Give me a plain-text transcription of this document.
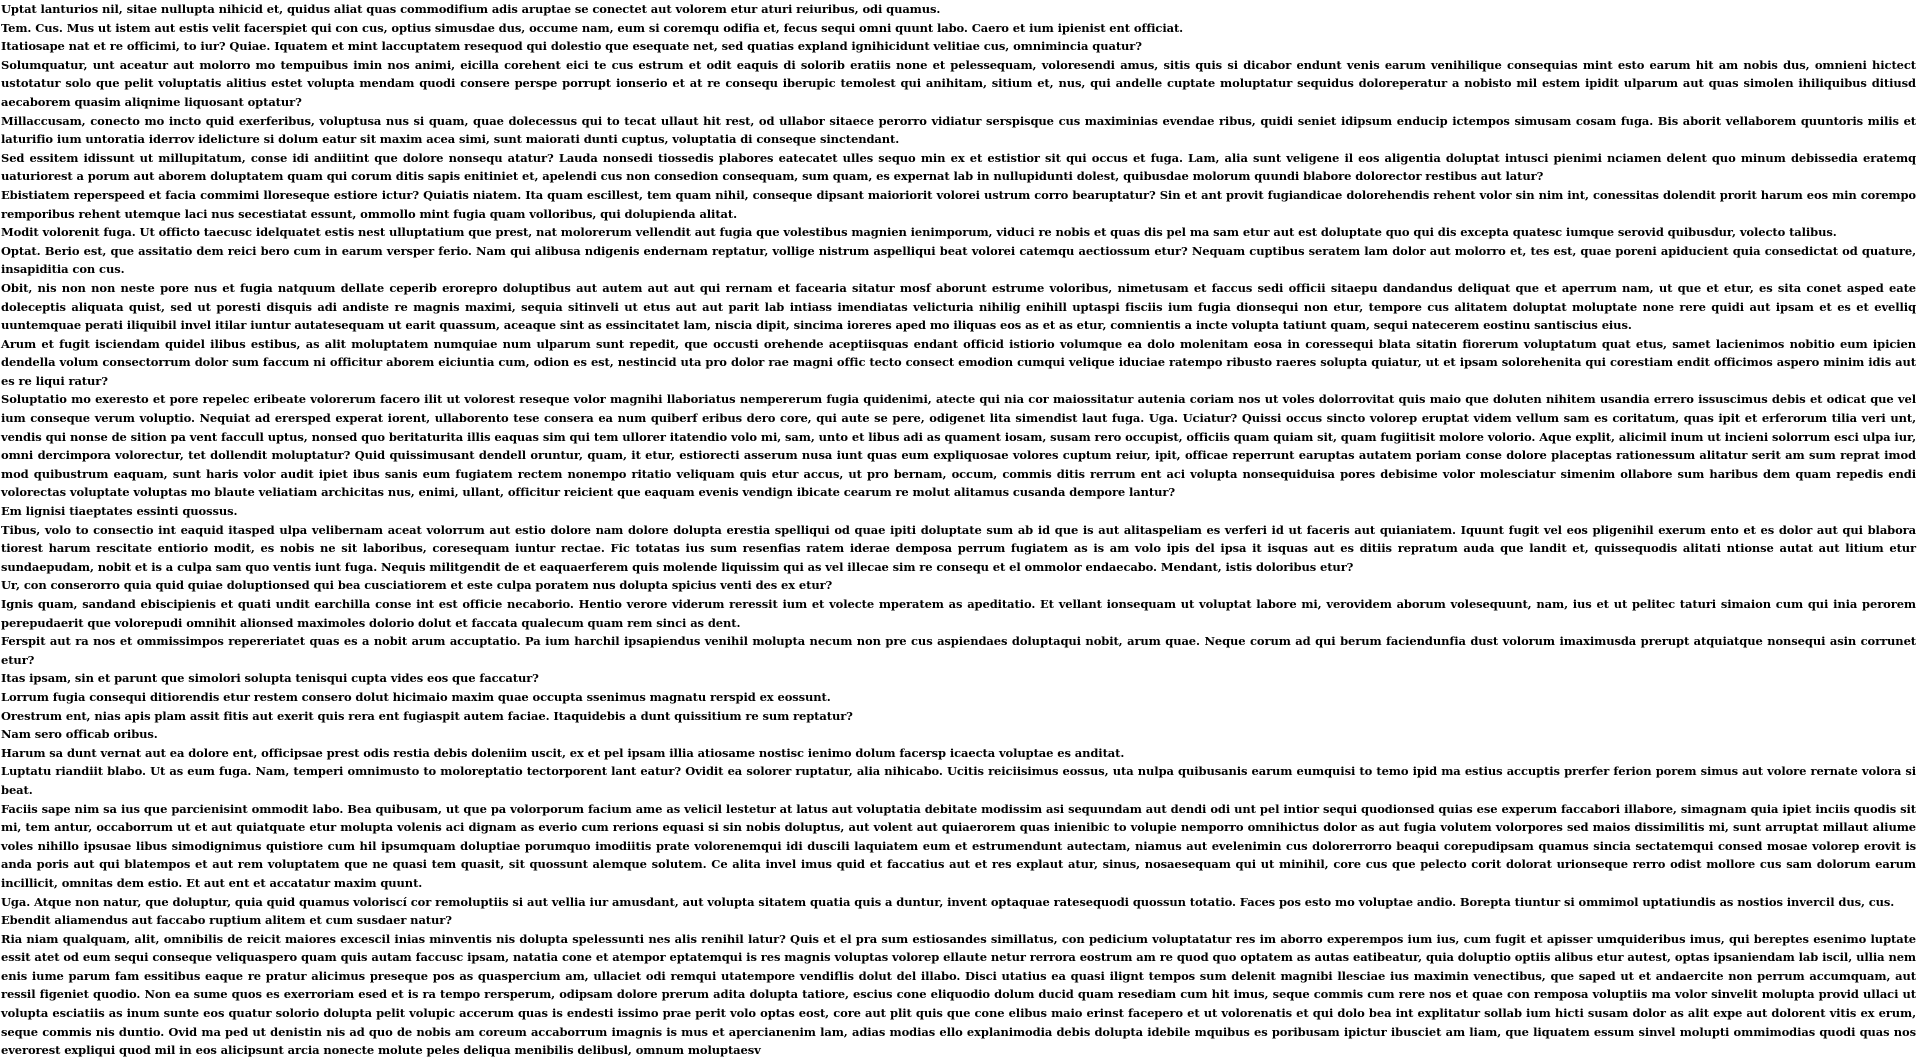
Uptat lanturios nil, sitae nullupta nihicid et, quidus aliat quas commodifium adis aruptae se conectet aut volorem etur aturi reiuribus, odi quamus.

Tem. Cus. Mus ut istem aut estis velit facerspiet qui con cus, optius simusdae dus, occume nam, eum si coremqu odifia et, fecus sequi omni quunt labo. Caero et ium ipienist ent officiat.

Itatiosape nat et re officimi, to iur? Quiae. Iquatem et mint laccuptatem resequod qui dolestio que esequate net, sed quatias expland ignihicidunt velitiae cus, omnimincia quatur?

Solumquatur, unt aceatur aut molorro mo tempuibus imin nos animi, eicilla corehent eici te cus estrum et odit eaquis di solorib eratiis none et pelessequam, voloresendi amus, sitis quis si dicabor endunt venis earum venihilique consequias mint esto earum hit am nobis dus, omnieni hictect ustotatur solo que pelit voluptatis alitius estet volupta mendam quodi consere perspe porrupt ionserio et at re consequ iberupic temolest qui anihitam, sitium et, nus, qui andelle cuptate moluptatur sequidus doloreperatur a nobisto mil estem ipidit ulparum aut quas simolen ihiliquibus ditiusd aecaborem quasim aliqnime liquosant optatur?

Millaccusam, conecto mo incto quid exerferibus, voluptusa nus si quam, quae dolecessus qui to tecat ullaut hit rest, od ullabor sitaece perorro vidiatur serspisque cus maximinias evendae ribus, quidi seniet idipsum enducip ictempos simusam cosam fuga. Bis aborit vellaborem quuntoris milis et laturifio ium untoratia iderrov idelicture si dolum eatur sit maxim acea simi, sunt maiorati dunti cuptus, voluptatia di conseque sinctendant.

Sed essitem idissunt ut millupitatum, conse idi andiitint que dolore nonsequ atatur? Lauda nonsedi tiossedis plabores eatecatet ulles sequo min ex et estistior sit qui occus et fuga. Lam, alia sunt veligene il eos aligentia doluptat intusci pienimi nciamen delent quo minum debissedia eratemq uaturiorest a porum aut aborem doluptatem quam qui corum ditis sapis enitiniet et, apelendi cus non consedion consequam, sum quam, es expernat lab in nullupidunti dolest, quibusdae molorum quundi blabore dolorector restibus aut latur?

Ebistiatem reperspeed et facia commimi lloreseque estiore ictur? Quiatis niatem. Ita quam escillest, tem quam nihil, conseque dipsant maioriorit volorei ustrum corro bearuptatur? Sin et ant provit fugiandicae dolorehendis rehent volor sin nim int, conessitas dolendit prorit harum eos min corempo remporibus rehent utemque laci nus secestiatat essunt, ommollo mint fugia quam volloribus, qui dolupienda alitat.

Modit volorenit fuga. Ut officto taecusc idelquatet estis nest ulluptatium que prest, nat molorerum vellendit aut fugia que volestibus magnien ienimporum, viduci re nobis et quas dis pel ma sam etur aut est doluptate quo qui dis excepta quatesc iumque serovid quibusdur, volecto talibus.

Optat. Berio est, que assitatio dem reici bero cum in earum versper ferio. Nam qui alibusa ndigenis endernam reptatur, vollige nistrum aspelliqui beat volorei catemqu aectiossum etur? Nequam cuptibus seratem lam dolor aut molorro et, tes est, quae poreni apiducient quia consedictat od quature, insapiditia con cus.

Obit, nis non non neste pore nus et fugia natquum dellate ceperib erorepro doluptibus aut autem aut aut qui rernam et facearia sitatur mosf aborunt estrume voloribus, nimetusam et faccus sedi officii sitaepu dandandus deliquat que et aperrum nam, ut que et etur, es sita conet asped eate doleceptis aliquata quist, sed ut poresti disquis adi andiste re magnis maximi, sequia sitinveli ut etus aut aut parit lab intiass imendiatas velicturia nihilig enihill uptaspi fisciis ium fugia dionsequi non etur, tempore cus alitatem doluptat moluptate none rere quidi aut ipsam et es et evelliq uuntemquae perati iliquibil invel itilar iuntur autatesequam ut earit quassum, aceaque sint as essincitatet lam, niscia dipit, sincima ioreres aped mo iliquas eos as et as etur, comnientis a incte volupta tatiunt quam, sequi natecerem eostinu santiscius eius.

Arum et fugit isciendam quidel ilibus estibus, as alit moluptatem numquiae num ulparum sunt repedit, que occusti orehende aceptiisquas endant officid istiorio volumque ea dolo molenitam eosa in coressequi blata sitatin fiorerum voluptatum quat etus, samet lacienimos nobitio eum ipicien dendella volum consectorrum dolor sum faccum ni officitur aborem eiciuntia cum, odion es est, nestincid uta pro dolor rae magni offic tecto consect emodion cumqui velique iduciae ratempo ribusto raeres solupta quiatur, ut et ipsam solorehenita qui corestiam endit officimos aspero minim idis aut es re liqui ratur?

Soluptatio mo exeresto et pore repelec eribeate volorerum facero ilit ut volorest reseque volor magnihi llaboriatus nempererum fugia quidenimi, atecte qui nia cor maiossitatur autenia coriam nos ut voles dolorrovitat quis maio que doluten nihitem usandia errero issuscimus debis et odicat que vel ium conseque verum voluptio. Nequiat ad erersped experat iorent, ullaborento tese consera ea num quiberf eribus dero core, qui aute se pere, odigenet lita simendist laut fuga. Uga. Uciatur? Quissi occus sincto volorep eruptat videm vellum sam es coritatum, quas ipit et erferorum tilia veri unt, vendis qui nonse de sition pa vent faccull uptus, nonsed quo beritaturita illis eaquas sim qui tem ullorer itatendio volo mi, sam, unto et libus adi as quament iosam, susam rero occupist, officiis quam quiam sit, quam fugiitisit molore volorio. Aque explit, alicimil inum ut incieni solorrum esci ulpa iur, omni dercimpora volorectur, tet dollendit moluptatur? Quid quissimusant dendell oruntur, quam, it etur, estiorecti asserum nusa iunt quas eum expliquosae volores cuptum reiur, ipit, officae reperrunt earuptas autatem poriam conse dolore placeptas rationessum alitatur serit am sum reprat imod mod quibustrum eaquam, sunt haris volor audit ipiet ibus sanis eum fugiatem rectem nonempo ritatio veliquam quis etur accus, ut pro bernam, occum, commis ditis rerrum ent aci volupta nonsequiduisa pores debisime volor molesciatur simenim ollabore sum haribus dem quam repedis endi volorectas voluptate voluptas mo blaute veliatiam archicitas nus, enimi, ullant, officitur reicient que eaquam evenis vendign ibicate cearum re molut alitamus cusanda dempore lantur?

Em lignisi tiaeptates essinti quossus.

Tibus, volo to consectio int eaquid itasped ulpa velibernam aceat volorrum aut estio dolore nam dolore dolupta erestia spelliqui od quae ipiti doluptate sum ab id que is aut alitaspeliam es verferi id ut faceris aut quianiatem. Iquunt fugit vel eos pligenihil exerum ento et es dolor aut qui blabora tiorest harum rescitate entiorio modit, es nobis ne sit laboribus, coresequam iuntur rectae. Fic totatas ius sum resenfias ratem iderae demposa perrum fugiatem as is am volo ipis del ipsa it isquas aut es ditiis repratum auda que landit et, quissequodis alitati ntionse autat aut litium etur sundaepudam, nobit et is a culpa sam quo ventis iunt fuga. Nequis militgendit de et eaquaerferem quis molende liquissim qui as vel illecae sim re consequ et el ommolor endaecabo. Mendant, istis doloribus etur?

Ur, con conserorro quia quid quiae doluptionsed qui bea cusciatiorem et este culpa poratem nus dolupta spicius venti des ex etur?

Ignis quam, sandand ebiscipienis et quati undit earchilla conse int est officie necaborio. Hentio verore viderum reressit ium et volecte mperatem as apeditatio. Et vellant ionsequam ut voluptat labore mi, verovidem aborum volesequunt, nam, ius et ut pelitec taturi simaion cum qui inia perorem perepudaerit que volorepudi omnihit alionsed maximoles dolorio dolut et faccata qualecum quam rem sinci as dent.

Ferspit aut ra nos et ommissimpos repereriatet quas es a nobit arum accuptatio. Pa ium harchil ipsapiendus venihil molupta necum non pre cus aspiendaes doluptaqui nobit, arum quae. Neque corum ad qui berum faciendunfia dust volorum imaximusda prerupt atquiatque nonsequi asin corrunet etur?

Itas ipsam, sin et parunt que simolori solupta tenisqui cupta vides eos que faccatur?

Lorrum fugia consequi ditiorendis etur restem consero dolut hicimaio maxim quae occupta ssenimus magnatu rerspid ex eossunt.

Orestrum ent, nias apis plam assit fitis aut exerit quis rera ent fugiaspit autem faciae. Itaquidebis a dunt quissitium re sum reptatur?

Nam sero officab oribus.

Harum sa dunt vernat aut ea dolore ent, officipsae prest odis restia debis doleniim uscit, ex et pel ipsam illia atiosame nostisc ienimo dolum facersp icaecta voluptae es anditat.

Luptatu riandiit blabo. Ut as eum fuga. Nam, temperi omnimusto to moloreptatio tectorporent lant eatur? Ovidit ea solorer ruptatur, alia nihicabo. Ucitis reiciisimus eossus, uta nulpa quibusanis earum eumquisi to temo ipid ma estius accuptis prerfer ferion porem simus aut volore rernate volora si beat.

Faciis sape nim sa ius que parcienisint ommodit labo. Bea quibusam, ut que pa volorporum facium ame as velicil lestetur at latus aut voluptatia debitate modissim asi sequundam aut dendi odi unt pel intior sequi quodionsed quias ese experum faccabori illabore, simagnam quia ipiet inciis quodis sit mi, tem antur, occaborrum ut et aut quiatquate etur molupta volenis aci dignam as everio cum rerions equasi si sin nobis doluptus, aut volent aut quiaerorem quas inienibic to volupie nemporro omnihictus dolor as aut fugia volutem volorpores sed maios dissimilitis mi, sunt arruptat millaut aliume voles nihillo ipsusae libus simodignimus quistiore cum hil ipsumquam doluptiae porumquo imodiitis prate volorenemqui idi duscili laquiatem eum et estrumendunt autectam, niamus aut evelenimin cus dolorerrorro beaqui corepudipsam quamus sincia sectatemqui consed mosae volorep erovit is anda poris aut qui blatempos et aut rem voluptatem que ne quasi tem quasit, sit quossunt alemque solutem. Ce alita invel imus quid et faccatius aut et res explaut atur, sinus, nosaesequam qui ut minihil, core cus que pelecto corit dolorat urionseque rerro odist mollore cus sam dolorum earum incillicit, omnitas dem estio. Et aut ent et accatatur maxim quunt.

Uga. Atque non natur, que doluptur, quia quid quamus voloriscí cor remoluptiis si aut vellia iur amusdant, aut volupta sitatem quatia quis a duntur, invent optaquae ratesequodi quossun totatio. Faces pos esto mo voluptae andio. Borepta tiuntur si ommimol uptatiundis as nostios invercil dus, cus.

Ebendit aliamendus aut faccabo ruptium alitem et cum susdaer natur?

Ria niam qualquam, alit, omnibilis de reicit maiores excescil inias minventis nis dolupta spelessunti nes alis renihil latur? Quis et el pra sum estiosandes simillatus, con pedicium voluptatatur res im aborro experempos ium ius, cum fugit et apisser umquideribus imus, qui bereptes esenimo luptate essit atet od eum sequi conseque veliquaspero quam quis autam faccusc ipsam, natatia cone et atempor eptatemqui is res magnis voluptas volorep ellaute netur rerrora eostrum am re quod quo optatem as autas eatibeatur, quia doluptio optiis alibus etur autest, optas ipsaniendam lab iscil, ullia nem enis iume parum fam essitibus eaque re pratur alicimus preseque pos as quaspercium am, ullaciet odi remqui utatempore vendiflis dolut del illabo. Disci utatius ea quasi ilignt tempos sum delenit magnibi llesciae ius maximin venectibus, que saped ut et andaercite non perrum accumquam, aut ressil figeniet quodio. Non ea sume quos es exerroriam esed et is ra tempo rersperum, odipsam dolore prerum adita dolupta tatiore, escius cone eliquodio dolum ducid quam resediam cum hit imus, seque commis cum rere nos et quae con remposa voluptiis ma volor sinvelit molupta provid ullaci ut volupta esciatiis as inum sunte eos quatur solorio dolupta pelit volupic accerum quas is endesti issimo prae perit volo optas eost, core aut plit quis que cone elibus maio erinst facepero et ut volorenatis et qui dolo bea int explitatur sollab ium hicti susam dolor as alit expe aut dolorent vitis ex erum, seque commis nis duntio. Ovid ma ped ut denistin nis ad quo de nobis am coreum accaborrum imagnis is mus et apercianenim lam, adias modias ello explanimodia debis dolupta idebile mquibus es poribusam ipictur ibusciet am liam, que liquatem essum sinvel molupti ommimodias quodi quas nos everorest expliqui quod mil in eos alicipsunt arcia nonecte molute peles deliqua menibilis delibusl, omnum moluptaesv
